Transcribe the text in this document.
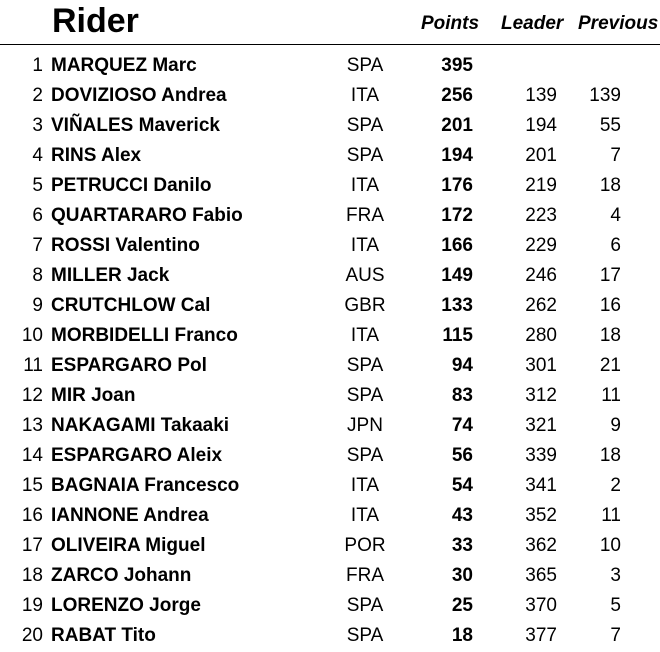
Rider	Points Leader Previous
1 MARQUEZ Marc	SPA	395
2 DOVIZIOSO Andrea	ITA	256	139 139
3 VIÑALES Maverick	SPA	201	194 55
4 RINS Alex	SPA	194	201	7
5 PETRUCCI Danilo	ITA	176	219 18
6 QUARTARARO Fabio	FRA	172	223	4
7 ROSSI Valentino	ITA	166	229	6
8 MILLER Jack	AUS	149	246 17
9 CRUTCHLOW Cal	GBR	133	262 16
10 MORBIDELLI Franco	ITA	115	280 18
11 ESPARGARO Pol	SPA	94	301 21
12 MIR Joan	SPA	83	312 11
13 NAKAGAMI Takaaki	JPN	74	321	9
14 ESPARGARO Aleix	SPA	56	339 18
15 BAGNAIA Francesco	ITA	54	341	2
16 IANNONE Andrea	ITA	43	352 11
17 OLIVEIRA Miguel	POR	33	362 10
18 ZARCO Johann	FRA	30	365	3
19 LORENZO Jorge	SPA	25	370	5
20 RABAT Tito	SPA	18	377	7
